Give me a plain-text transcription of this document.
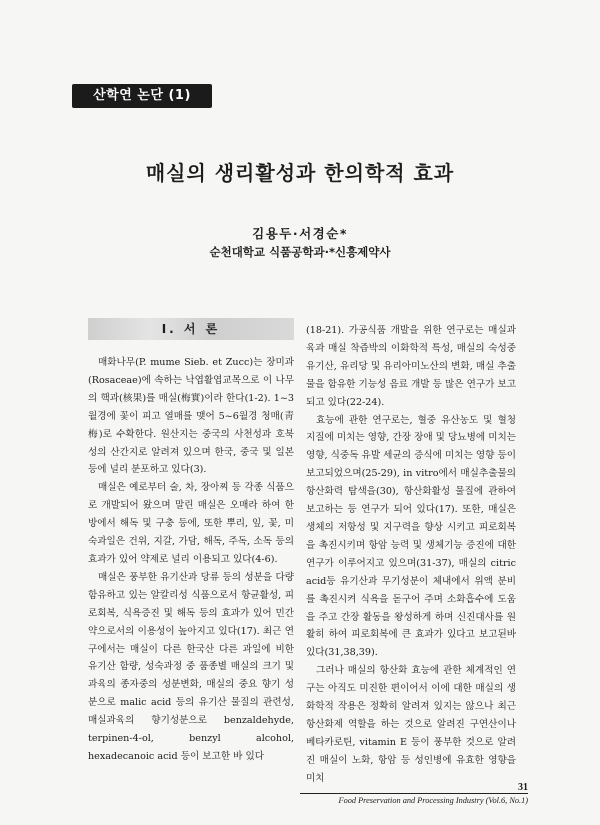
산학연 논단 (1)
매실의 생리활성과 한의학적 효과
김용두·서경순*
순천대학교 식품공학과·*신흥제약사
I. 서 론

매화나무(P. mume Sieb. et Zucc)는 장미과(Rosaceae)에 속하는 낙엽활엽교목으로 이 나무의 핵과(核果)를 매실(梅實)이라 한다(1-2). 1~3월경에 꽃이 피고 열매를 맺어 5~6월경 청매(靑梅)로 수확한다. 원산지는 중국의 사천성과 호북성의 산간지로 알려져 있으며 한국, 중국 및 일본 등에 널리 분포하고 있다(3).

매실은 예로부터 술, 차, 장아찌 등 각종 식품으로 개발되어 왔으며 말린 매실은 오매라 하여 한방에서 해독 및 구충 등에, 또한 뿌리, 잎, 꽃, 미숙과일은 건위, 지갈, 가담, 해독, 주독, 소독 등의 효과가 있어 약제로 널리 이용되고 있다(4-6).

매실은 풍부한 유기산과 당류 등의 성분을 다량 함유하고 있는 알칼리성 식품으로서 항균활성, 피로회복, 식욕증진 및 해독 등의 효과가 있어 민간약으로서의 이용성이 높아지고 있다(17). 최근 연구에서는 매실이 다른 한국산 다른 과일에 비한 유기산 함량, 성숙과정 중 품종별 매실의 크기 및 과육의 종자중의 성분변화, 매실의 중요 향기 성분으로 malic acid 등의 유기산 물질의 관련성, 매실과육의 향기성분으로 benzaldehyde, terpinen-4-ol, benzyl alcohol, hexadecanoic acid 등이 보고한 바 있다

(18-21). 가공식품 개발을 위한 연구로는 매실과육과 매실 착즙박의 이화학적 특성, 매실의 숙성중 유기산, 유리당 및 유리아미노산의 변화, 매실 추출물을 함유한 기능성 음료 개발 등 많은 연구가 보고되고 있다(22-24).

효능에 관한 연구로는, 혈중 유산농도 및 혈청 지질에 미치는 영향, 간장 장애 및 당뇨병에 미치는 영향, 식중독 유발 세균의 증식에 미치는 영향 등이 보고되었으며(25-29), in vitro에서 매실추출물의 항산화력 탐색을(30), 항산화활성 물질에 관하여 보고하는 등 연구가 되어 있다(17). 또한, 매실은 생체의 저항성 및 지구력을 향상 시키고 피로회복을 촉진시키며 항암 능력 및 생체기능 증진에 대한 연구가 이루어지고 있으며(31-37), 매실의 citric acid등 유기산과 무기성분이 체내에서 위액 분비를 촉진시켜 식욕을 돋구어 주며 소화흡수에 도움을 주고 간장 활동을 왕성하게 하며 신진대사를 원활히 하여 피로회복에 큰 효과가 있다고 보고된바 있다(31,38,39).

그러나 매실의 항산화 효능에 관한 체계적인 연구는 아직도 미진한 편이어서 이에 대한 매실의 생화학적 작용은 정확히 알려져 있지는 않으나 최근 항산화제 역할을 하는 것으로 알려진 구연산이나 베타카로틴, vitamin E 등이 풍부한 것으로 알려진 매실이 노화, 항암 등 성인병에 유효한 영향을 미치

31
Food Preservation and Processing Industry (Vol.6, No.1)
